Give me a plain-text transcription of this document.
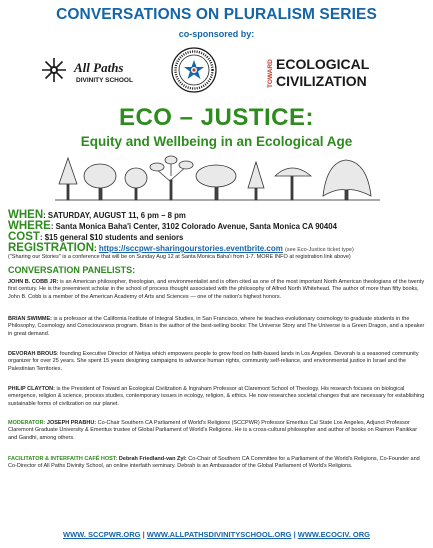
CONVERSATIONS ON PLURALISM SERIES
co-sponsored by:
All Paths
DIVINITY SCHOOL	TOWARD ECOLOGICAL
CIVILIZATION
ECO – JUSTICE:
Equity and Wellbeing in an Ecological Age
WHEN: SATURDAY, AUGUST 11, 6 pm – 8 pm
WHERE: Santa Monica Baha'i Center, 3102 Colorado Avenue, Santa Monica CA 90404
COST: $15 general $10 students and seniors
REGISTRATION: https://sccpwr-sharingourstories.eventbrite.com (see Eco-Justice ticket type)
("Sharing our Stories" is a conference that will be on Sunday Aug 12 at Santa Monica Baha'i from 1-7. MORE INFO at registration link above)
CONVERSATION PANELISTS:
JOHN B. COBB JR: is an American philosopher, theologian, and environmentalist and is often cited as one of the most important North American theologians of the twenty first century. He is the preeminent scholar in the school of process thought associated with the philosophy of Alfred North Whitehead. The author of more than fifty books, John B. Cobb is a member of the American Academy of Arts and Sciences — one of the nation's highest honors.
BRIAN SWIMME: is a professor at the California Institute of Integral Studies, in San Francisco, where he teaches evolutionary cosmology to graduate students in the Philosophy, Cosmology and Consciousness program. Brian is the author of the best-selling books: The Universe Story and The Universe is a Green Dragon, and a speaker in great demand.
DEVORAH BROUS: founding Executive Director of Netiya which empowers people to grow food on faith-based lands in Los Angeles. Devorah is a seasoned community organizer for over 25 years. She spent 15 years designing campaigns to advance human rights, community self-reliance, and environmental justice in Israel and the Palestinian Territories.
PHILIP CLAYTON: is the President of Toward an Ecological Civilization & Ingraham Professor at Claremont School of Theology. His research focuses on biological emergence, religion & science, process studies, contemporary issues in ecology, religion, & ethics. He now researches societal changes that are necessary for establishing sustainable forms of civilization on our planet.
MODERATOR: JOSEPH PRABHU: Co-Chair Southern CA Parliament of World's Religions (SCCPWR) Professor Emeritus Cal State Los Angeles, Adjunct Professor Claremont Graduate University & Emeritus trustee of Global Parliament of World's Religions. He is a cross-cultural philosopher and author of books on Raimon Panikkar and Gandhi, among others.
FACILITATOR & INTERFAITH CAFÉ HOST: Debrah Friedland-van Zyl: Co-Chair of Southern CA Committee for a Parliament of the World's Religions, Co-Founder and Co-Director of All Paths Divinity School, an online interfaith seminary. Debrah is an Ambassador of the Global Parliament of World's Religions.
WWW. SCCPWR.ORG | WWW.ALLPATHSDIVINITYSCHOOL.ORG | WWW.ECOCIV. ORG
